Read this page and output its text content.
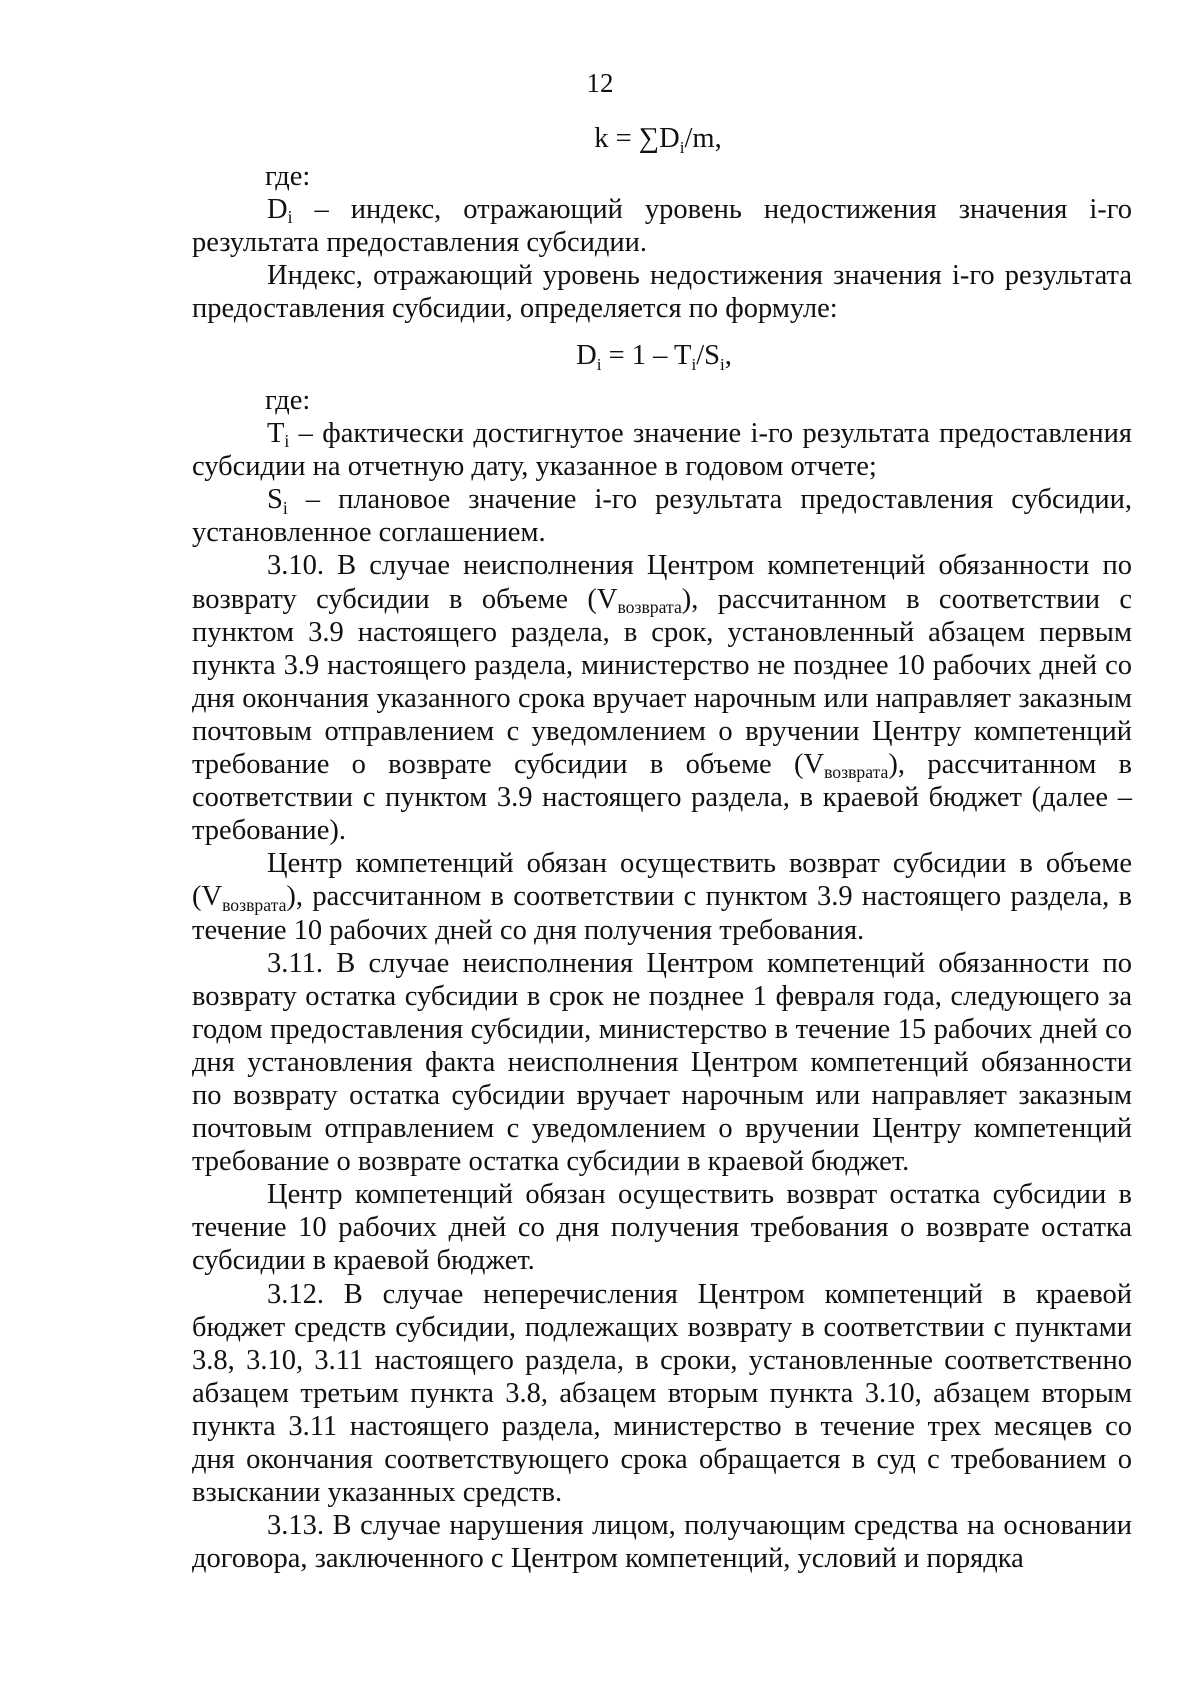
12
$k = \sum D_i/m$,

где:

Di – индекс, отражающий уровень недостижения значения i-го результата предоставления субсидии.

Индекс, отражающий уровень недостижения значения i-го результата предоставления субсидии, определяется по формуле:

$D_i = 1 - T_i/S_i$,

где:

Ti – фактически достигнутое значение i-го результата предоставления субсидии на отчетную дату, указанное в годовом отчете;

Si – плановое значение i-го результата предоставления субсидии, установленное соглашением.

3.10. В случае неисполнения Центром компетенций обязанности по возврату субсидии в объеме (Vвозврата), рассчитанном в соответствии с пунктом 3.9 настоящего раздела, в срок, установленный абзацем первым пункта 3.9 настоящего раздела, министерство не позднее 10 рабочих дней со дня окончания указанного срока вручает нарочным или направляет заказным почтовым отправлением с уведомлением о вручении Центру компетенций требование о возврате субсидии в объеме (Vвозврата), рассчитанном в соответствии с пунктом 3.9 настоящего раздела, в краевой бюджет (далее – требование).

Центр компетенций обязан осуществить возврат субсидии в объеме (Vвозврата), рассчитанном в соответствии с пунктом 3.9 настоящего раздела, в течение 10 рабочих дней со дня получения требования.

3.11. В случае неисполнения Центром компетенций обязанности по возврату остатка субсидии в срок не позднее 1 февраля года, следующего за годом предоставления субсидии, министерство в течение 15 рабочих дней со дня установления факта неисполнения Центром компетенций обязанности по возврату остатка субсидии вручает нарочным или направляет заказным почтовым отправлением с уведомлением о вручении Центру компетенций требование о возврате остатка субсидии в краевой бюджет.

Центр компетенций обязан осуществить возврат остатка субсидии в течение 10 рабочих дней со дня получения требования о возврате остатка субсидии в краевой бюджет.

3.12. В случае неперечисления Центром компетенций в краевой бюджет средств субсидии, подлежащих возврату в соответствии с пунктами 3.8, 3.10, 3.11 настоящего раздела, в сроки, установленные соответственно абзацем третьим пункта 3.8, абзацем вторым пункта 3.10, абзацем вторым пункта 3.11 настоящего раздела, министерство в течение трех месяцев со дня окончания соответствующего срока обращается в суд с требованием о взыскании указанных средств.

3.13. В случае нарушения лицом, получающим средства на основании договора, заключенного с Центром компетенций, условий и порядка
